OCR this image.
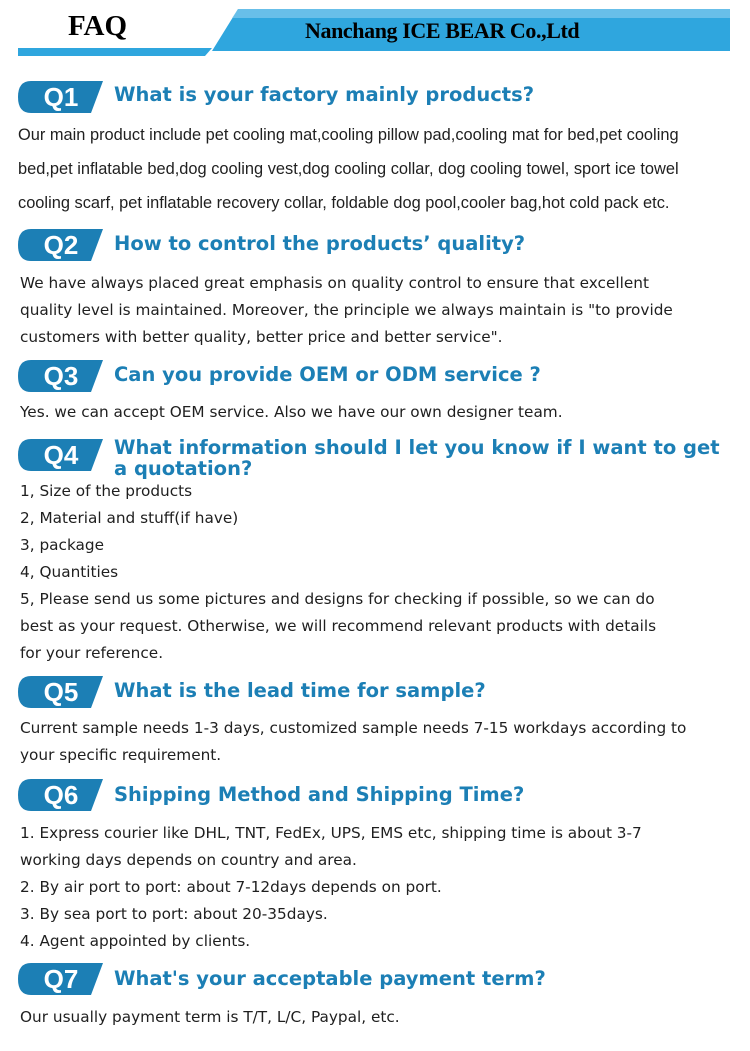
FAQ	Nanchang ICE BEAR Co.,Ltd
Q1	What is your factory mainly products?
Our main product include pet cooling mat,cooling pillow pad,cooling mat for bed,pet cooling
bed,pet inflatable bed,dog cooling vest,dog cooling collar, dog cooling towel, sport ice towel
cooling scarf, pet inflatable recovery collar, foldable dog pool,cooler bag,hot cold pack etc.
Q2	How to control the products’ quality?
We have always placed great emphasis on quality control to ensure that excellent
quality level is maintained. Moreover, the principle we always maintain is "to provide
customers with better quality, better price and better service".
Q3	Can you provide OEM or ODM service ?
Yes. we can accept OEM service. Also we have our own designer team.
Q4	What information should I let you know if I want to get a quotation?
1, Size of the products
2, Material and stuff(if have)
3, package
4, Quantities
5, Please send us some pictures and designs for checking if possible, so we can do
best as your request. Otherwise, we will recommend relevant products with details
for your reference.
Q5	What is the lead time for sample?
Current sample needs 1-3 days, customized sample needs 7-15 workdays according to
your specific requirement.
Q6	Shipping Method and Shipping Time?
1. Express courier like DHL, TNT, FedEx, UPS, EMS etc, shipping time is about 3-7
working days depends on country and area.
2. By air port to port: about 7-12days depends on port.
3. By sea port to port: about 20-35days.
4. Agent appointed by clients.
Q7	What's your acceptable payment term?
Our usually payment term is T/T, L/C, Paypal, etc.
